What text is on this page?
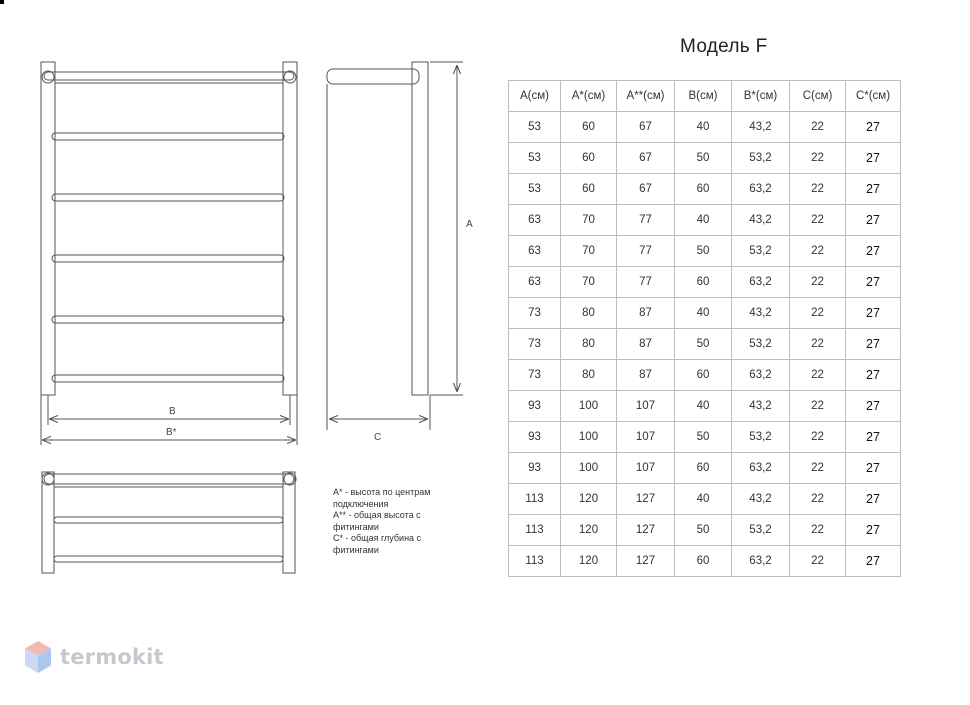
B
B*
A
C
Модель F
A(см)	A*(см)	A**(см)	B(см)	B*(см)	C(см)	C*(см)
53	60	67	40	43,2	22	27
53	60	67	50	53,2	22	27
53	60	67	60	63,2	22	27
63	70	77	40	43,2	22	27
63	70	77	50	53,2	22	27
63	70	77	60	63,2	22	27
73	80	87	40	43,2	22	27
73	80	87	50	53,2	22	27
73	80	87	60	63,2	22	27
93	100	107	40	43,2	22	27
93	100	107	50	53,2	22	27
93	100	107	60	63,2	22	27
113	120	127	40	43,2	22	27
113	120	127	50	53,2	22	27
113	120	127	60	63,2	22	27
A* - высота по центрам
подключения
A** - общая высота с
фитингами
C* - общая глубина с
фитингами
termokit
